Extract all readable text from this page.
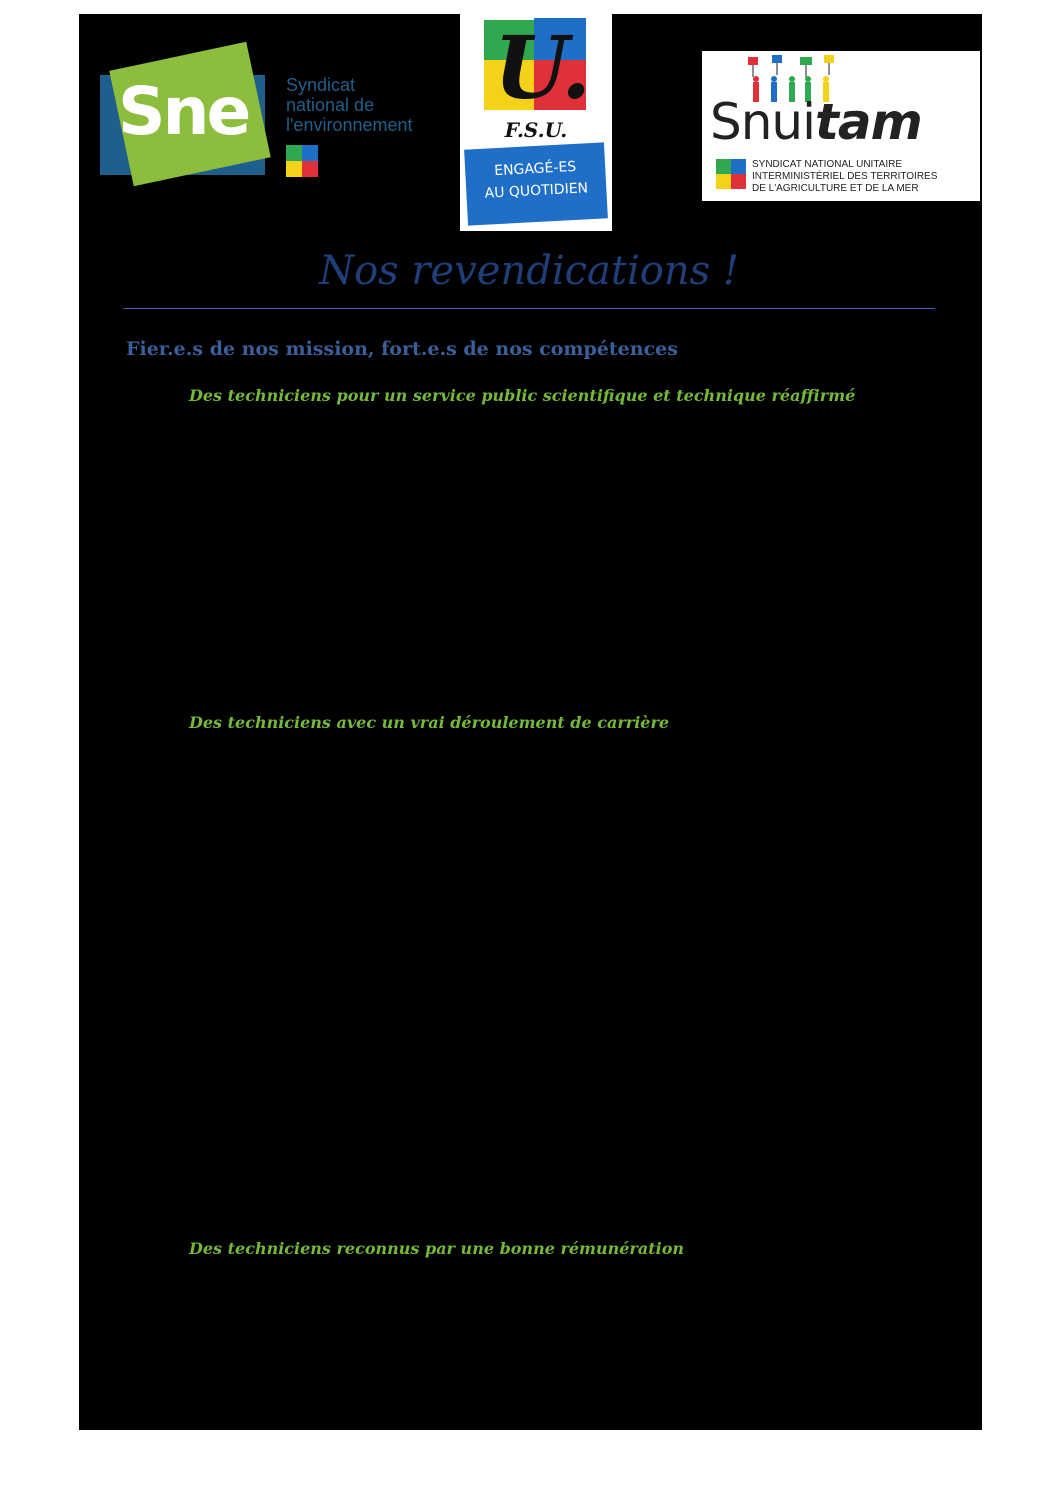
Sne Syndicat
national de
l'environnement
U.
F.S.U.
ENGAGÉ-ES
AU QUOTIDIEN
Snuitam
SYNDICAT NATIONAL UNITAIRE
INTERMINISTÉRIEL DES TERRITOIRES
DE L'AGRICULTURE ET DE LA MER
Nos revendications !
Fier.e.s de nos mission, fort.e.s de nos compétences
Des techniciens pour un service public scientifique et technique réaffirmé
Des techniciens avec un vrai déroulement de carrière
Des techniciens reconnus par une bonne rémunération
